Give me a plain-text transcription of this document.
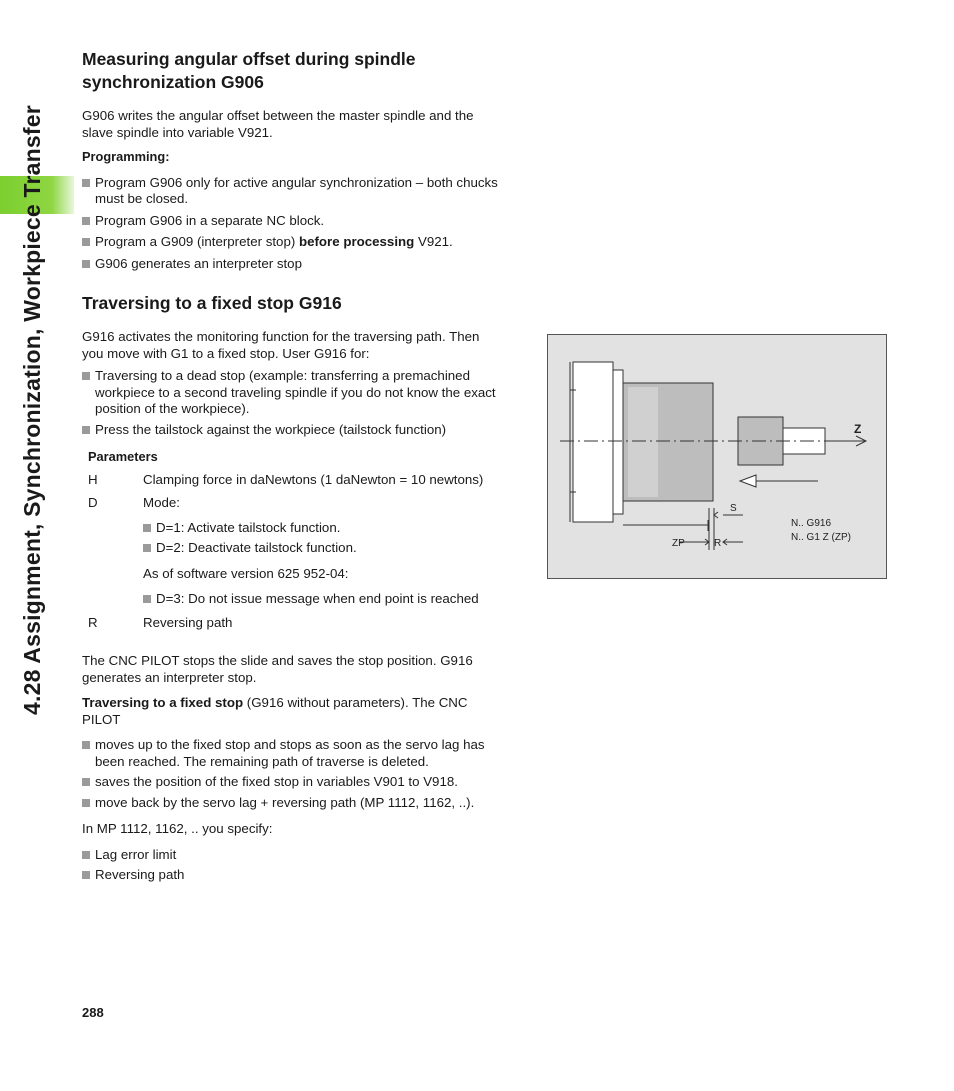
4.28 Assignment, Synchronization, Workpiece Transfer
Measuring angular offset during spindle
synchronization G906

G906 writes the angular offset between the master spindle and the
slave spindle into variable V921.

Programming:

Program G906 only for active angular synchronization – both chucks
must be closed.
Program G906 in a separate NC block.
Program a G909 (interpreter stop) before processing V921.
G906 generates an interpreter stop
Traversing to a fixed stop G916

G916 activates the monitoring function for the traversing path. Then
you move with G1 to a fixed stop. User G916 for:

Traversing to a dead stop (example: transferring a premachined
workpiece to a second traveling spindle if you do not know the exact
position of the workpiece).
Press the tailstock against the workpiece (tailstock function)

Parameters

H	Clamping force in daNewtons (1 daNewton = 10 newtons)
D	Mode:
D=1: Activate tailstock function.
D=2: Deactivate tailstock function.
As of software version 625 952-04:
D=3: Do not issue message when end point is reached
R	Reversing path

The CNC PILOT stops the slide and saves the stop position. G916
generates an interpreter stop.

Traversing to a fixed stop (G916 without parameters). The CNC
PILOT

moves up to the fixed stop and stops as soon as the servo lag has
been reached. The remaining path of traverse is deleted.
saves the position of the fixed stop in variables V901 to V918.
move back by the servo lag + reversing path (MP 1112, 1162, ..).

In MP 1112, 1162, .. you specify:

Lag error limit
Reversing path
288
Z
S
ZP	R
N.. G916
N.. G1 Z (ZP)
